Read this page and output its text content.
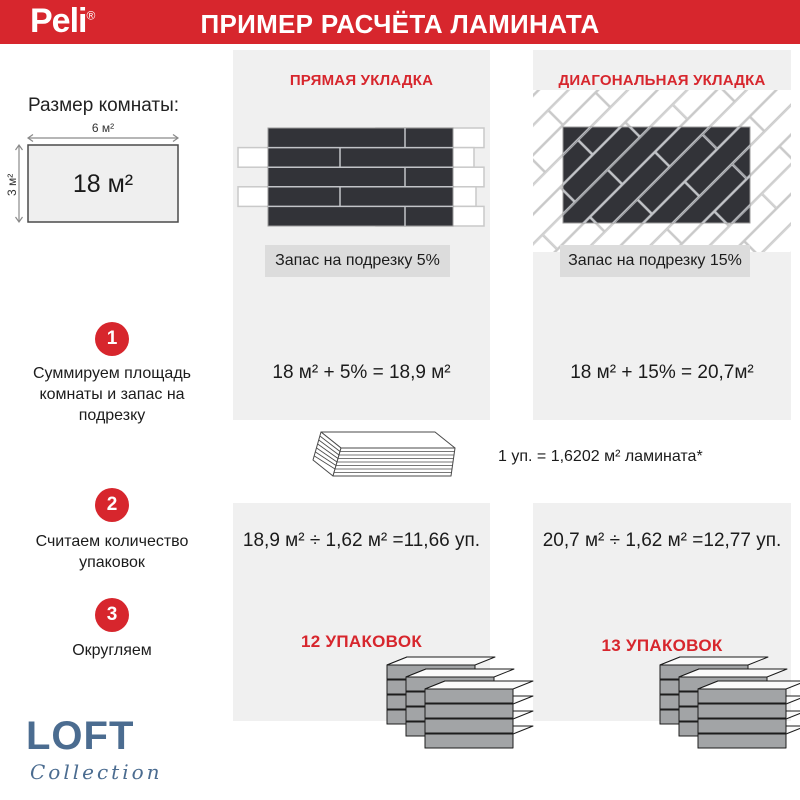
Peli®	ПРИМЕР РАСЧЁТА ЛАМИНАТА
Размер комнаты:
6 м²
3 м² 18 м²
ПРЯМАЯ УКЛАДКА	ДИАГОНАЛЬНАЯ УКЛАДКА
Запас на подрезку 5%	Запас на подрезку 15%
1
Суммируем площадь комнаты и запас на подрезку
18 м² + 5% = 18,9 м²	18 м² + 15% = 20,7м²
1 уп. = 1,6202 м² ламината*
2
Считаем количество упаковок
18,9 м² ÷ 1,62 м² =11,66 уп.	20,7 м² ÷ 1,62 м² =12,77 уп.
3
Округляем	12 УПАКОВОК	13 УПАКОВОК
LOFT
Collection
